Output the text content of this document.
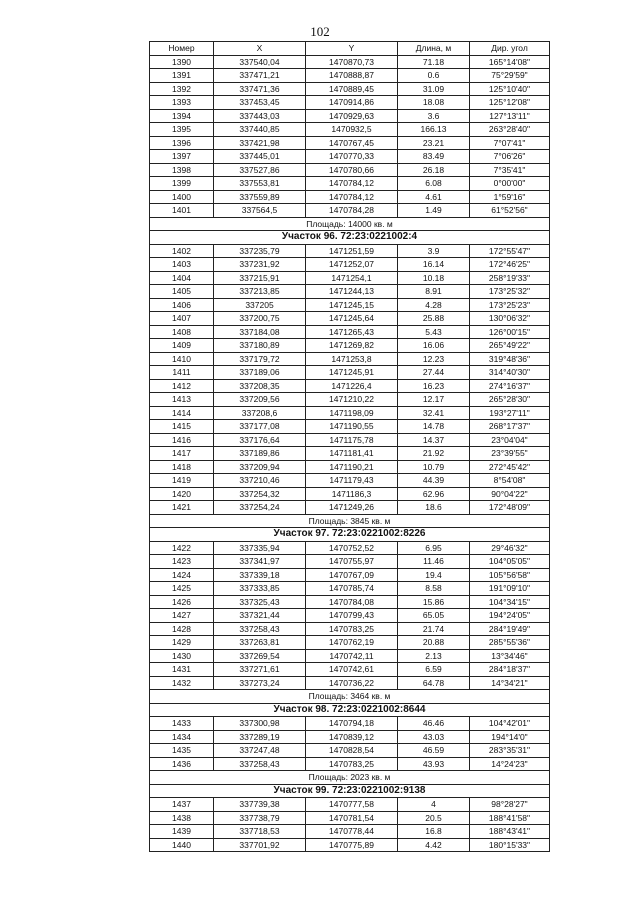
102
Номер	X	Y	Длина, м	Дир. угол
1390	337540,04	1470870,73	71.18	165°14'08"
1391	337471,21	1470888,87	0.6	75°29'59"
1392	337471,36	1470889,45	31.09	125°10'40"
1393	337453,45	1470914,86	18.08	125°12'08"
1394	337443,03	1470929,63	3.6	127°13'11"
1395	337440,85	1470932,5	166.13	263°28'40"
1396	337421,98	1470767,45	23.21	7°07'41"
1397	337445,01	1470770,33	83.49	7°06'26"
1398	337527,86	1470780,66	26.18	7°35'41"
1399	337553,81	1470784,12	6.08	0°00'00"
1400	337559,89	1470784,12	4.61	1°59'16"
1401	337564,5	1470784,28	1.49	61°52'56"
Площадь: 14000 кв. м				
Участок 96. 72:23:0221002:4				
1402	337235,79	1471251,59	3.9	172°55'47"
1403	337231,92	1471252,07	16.14	172°46'25"
1404	337215,91	1471254,1	10.18	258°19'33"
1405	337213,85	1471244,13	8.91	173°25'32"
1406	337205	1471245,15	4.28	173°25'23"
1407	337200,75	1471245,64	25.88	130°06'32"
1408	337184,08	1471265,43	5.43	126°00'15"
1409	337180,89	1471269,82	16.06	265°49'22"
1410	337179,72	1471253,8	12.23	319°48'36"
1411	337189,06	1471245,91	27.44	314°40'30"
1412	337208,35	1471226,4	16.23	274°16'37"
1413	337209,56	1471210,22	12.17	265°28'30"
1414	337208,6	1471198,09	32.41	193°27'11"
1415	337177,08	1471190,55	14.78	268°17'37"
1416	337176,64	1471175,78	14.37	23°04'04"
1417	337189,86	1471181,41	21.92	23°39'55"
1418	337209,94	1471190,21	10.79	272°45'42"
1419	337210,46	1471179,43	44.39	8°54'08"
1420	337254,32	1471186,3	62.96	90°04'22"
1421	337254,24	1471249,26	18.6	172°48'09"
Площадь: 3845 кв. м				
Участок 97. 72:23:0221002:8226				
1422	337335,94	1470752,52	6.95	29°46'32"
1423	337341,97	1470755,97	11.46	104°05'05"
1424	337339,18	1470767,09	19.4	105°56'58"
1425	337333,85	1470785,74	8.58	191°09'10"
1426	337325,43	1470784,08	15.86	104°34'15"
1427	337321,44	1470799,43	65.05	194°24'05"
1428	337258,43	1470783,25	21.74	284°19'49"
1429	337263,81	1470762,19	20.88	285°55'36"
1430	337269,54	1470742,11	2.13	13°34'46"
1431	337271,61	1470742,61	6.59	284°18'37"
1432	337273,24	1470736,22	64.78	14°34'21"
Площадь: 3464 кв. м				
Участок 98. 72:23:0221002:8644				
1433	337300,98	1470794,18	46.46	104°42'01"
1434	337289,19	1470839,12	43.03	194°14'0"
1435	337247,48	1470828,54	46.59	283°35'31"
1436	337258,43	1470783,25	43.93	14°24'23"
Площадь: 2023 кв. м				
Участок 99. 72:23:0221002:9138				
1437	337739,38	1470777,58	4	98°28'27"
1438	337738,79	1470781,54	20.5	188°41'58"
1439	337718,53	1470778,44	16.8	188°43'41"
1440	337701,92	1470775,89	4.42	180°15'33"
